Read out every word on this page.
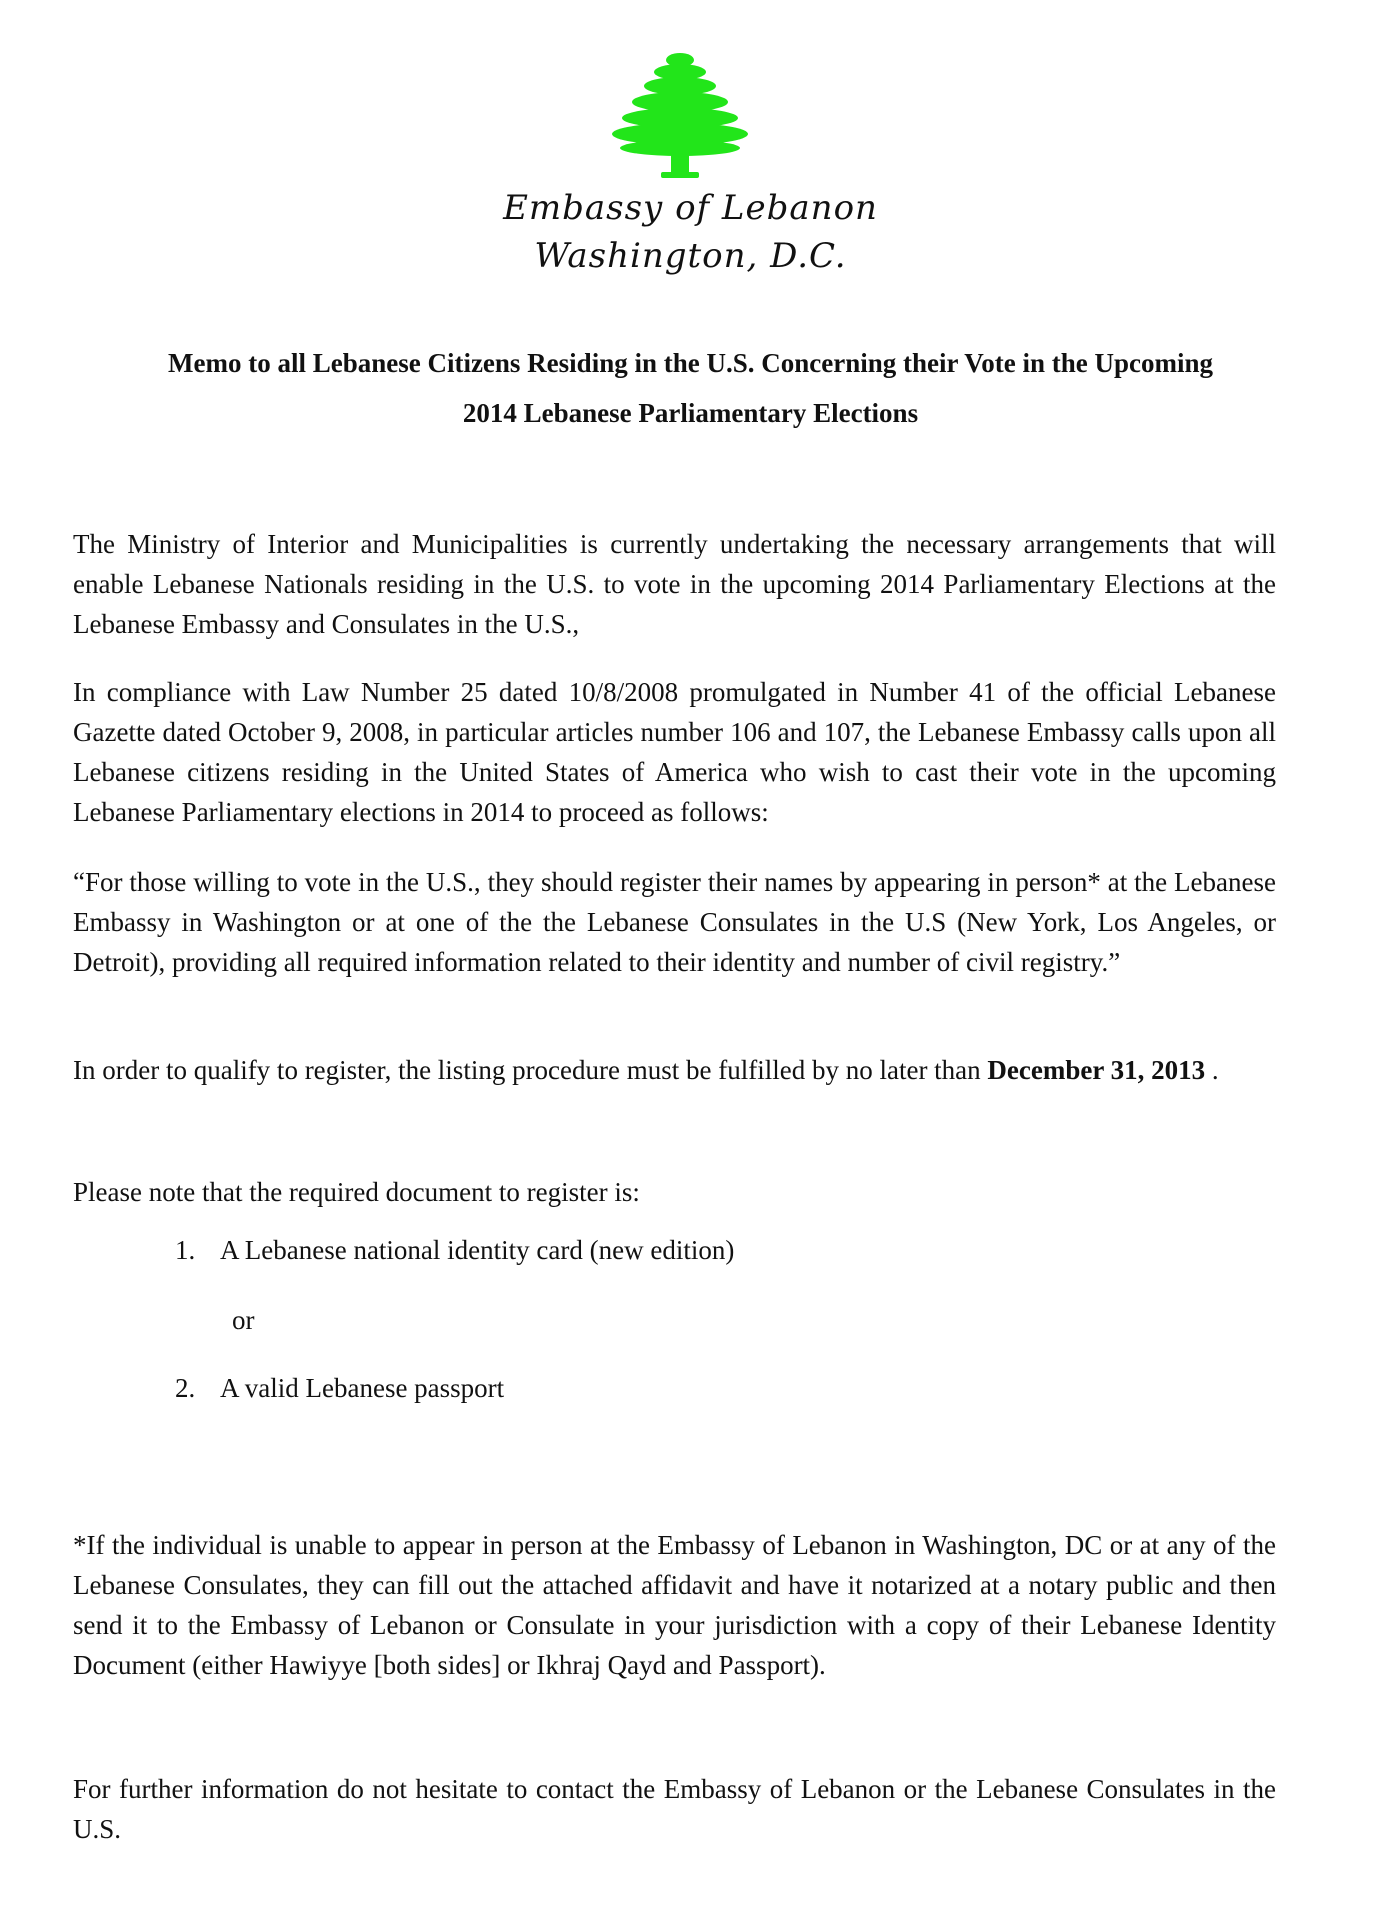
Embassy of Lebanon
Washington, D.C.
Memo to all Lebanese Citizens Residing in the U.S. Concerning their Vote in the Upcoming
2014 Lebanese Parliamentary Elections
The Ministry of Interior and Municipalities is currently undertaking the necessary arrangements that will enable Lebanese Nationals residing in the U.S. to vote in the upcoming 2014 Parliamentary Elections at the Lebanese Embassy and Consulates in the U.S.,
In compliance with Law Number 25 dated 10/8/2008 promulgated in Number 41 of the official Lebanese Gazette dated October 9, 2008, in particular articles number 106 and 107, the Lebanese Embassy calls upon all Lebanese citizens residing in the United States of America who wish to cast their vote in the upcoming Lebanese Parliamentary elections in 2014 to proceed as follows:
“For those willing to vote in the U.S., they should register their names by appearing in person* at the Lebanese Embassy in Washington or at one of the the Lebanese Consulates in the U.S (New York, Los Angeles, or Detroit), providing all required information related to their identity and number of civil registry.”
In order to qualify to register, the listing procedure must be fulfilled by no later than December 31, 2013 .
Please note that the required document to register is:
1. A Lebanese national identity card (new edition)
or
2. A valid Lebanese passport
*If the individual is unable to appear in person at the Embassy of Lebanon in Washington, DC or at any of the Lebanese Consulates, they can fill out the attached affidavit and have it notarized at a notary public and then send it to the Embassy of Lebanon or Consulate in your jurisdiction with a copy of their Lebanese Identity Document (either Hawiyye [both sides] or Ikhraj Qayd and Passport).
For further information do not hesitate to contact the Embassy of Lebanon or the Lebanese Consulates in the U.S.
